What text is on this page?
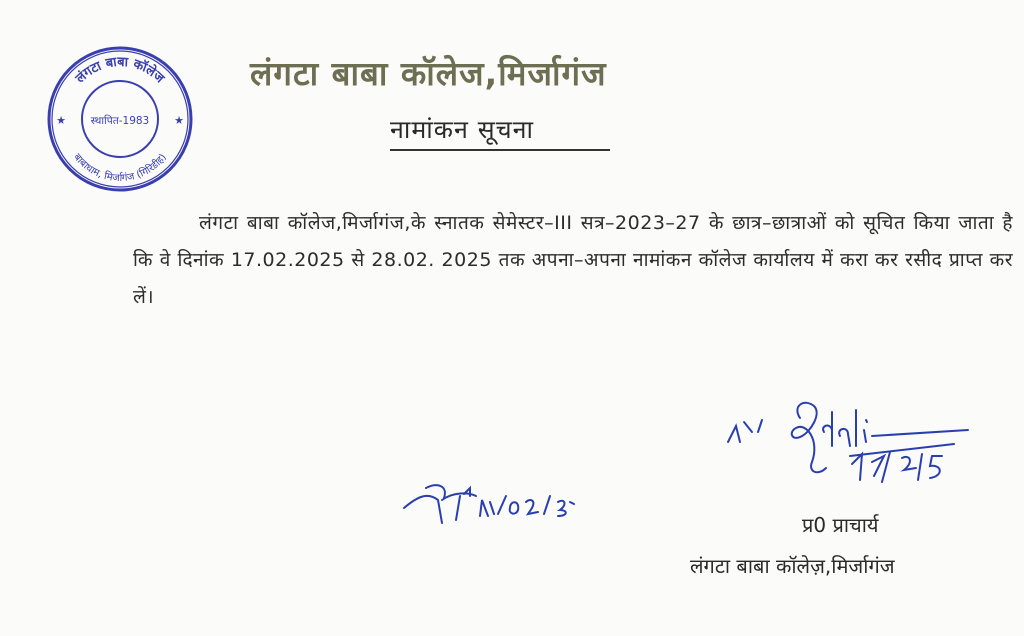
लंगटा बाबा कॉलेज
बाबाधाम, मिर्जागंज (गिरिडीह)
स्थापित-1983
★	★
लंगटा बाबा कॉलेज,मिर्जागंज
नामांकन सूचना
लंगटा बाबा कॉलेज,मिर्जागंज,के स्नातक सेमेस्टर–III सत्र–2023–27 के छात्र–छात्राओं को सूचित किया जाता है कि वे दिनांक 17.02.2025 से 28.02. 2025 तक अपना–अपना नामांकन कॉलेज कार्यालय में करा कर रसीद प्राप्त कर लें।
प्र0 प्राचार्य
लंगटा बाबा कॉलेज़,मिर्जागंज
